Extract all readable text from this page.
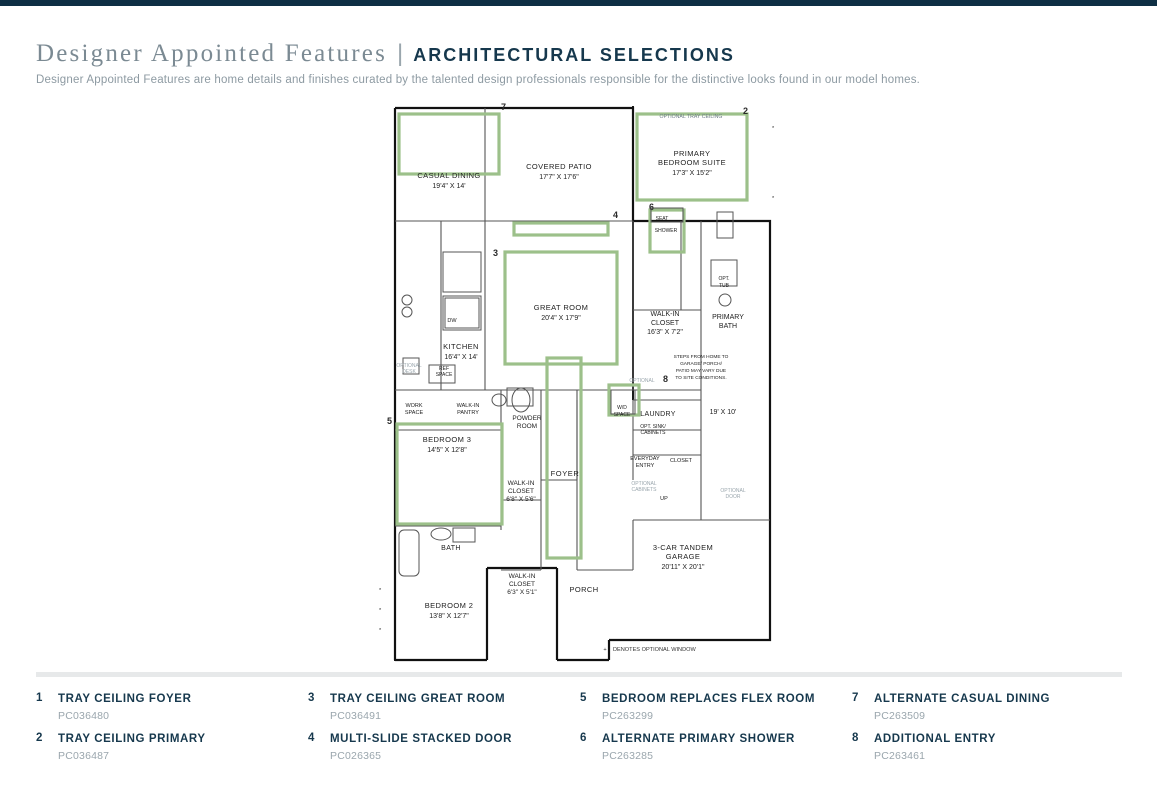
Designer Appointed Features | ARCHITECTURAL SELECTIONS
Designer Appointed Features are home details and finishes curated by the talented design professionals responsible for the distinctive looks found in our model homes.
7	2
3
4
5
6
8
CASUAL DINING
19'4" X 14'
COVERED PATIO
17'7" X 17'6"
OPTIONAL TRAY CEILING
PRIMARY
BEDROOM SUITE
17'3" X 15'2"
GREAT ROOM
20'4" X 17'9"
KITCHEN
16'4" X 14'
WALK-IN
CLOSET
16'3" X 7'2"
PRIMARY
BATH
BEDROOM 3
14'5" X 12'8"
WALK-IN
CLOSET
6'8" X 5'6"
FOYER
POWDER
ROOM
LAUNDRY	19' X 10'
BATH
WALK-IN
CLOSET
6'3" X 5'1"
BEDROOM 2
13'8" X 12'7"
PORCH
3-CAR TANDEM
GARAGE
20'11" X 20'1"
SEAT
SHOWER
OPT.
TUB
DW
REF
SPACE
OPTIONAL
DESK
WORK
SPACE
WALK-IN
PANTRY
W/D
SPACE
OPTIONAL
OPT. SINK/
CABINETS
EVERYDAY
ENTRY
CLOSET
OPTIONAL
CABINETS
UP
OPTIONAL
DOOR
STEPS FROM HOME TO
GARAGE/ PORCH/
PATIO MAY VARY DUE
TO SITE CONDITIONS.
DENOTES OPTIONAL WINDOW
+
*
*
*
*
*
1	TRAY CEILING FOYER
PC036480
2	TRAY CEILING PRIMARY
PC036487
3	TRAY CEILING GREAT ROOM
PC036491
4	MULTI-SLIDE STACKED DOOR
PC026365
5	BEDROOM REPLACES FLEX ROOM
PC263299
6	ALTERNATE PRIMARY SHOWER
PC263285
7	ALTERNATE CASUAL DINING
PC263509
8	ADDITIONAL ENTRY
PC263461
